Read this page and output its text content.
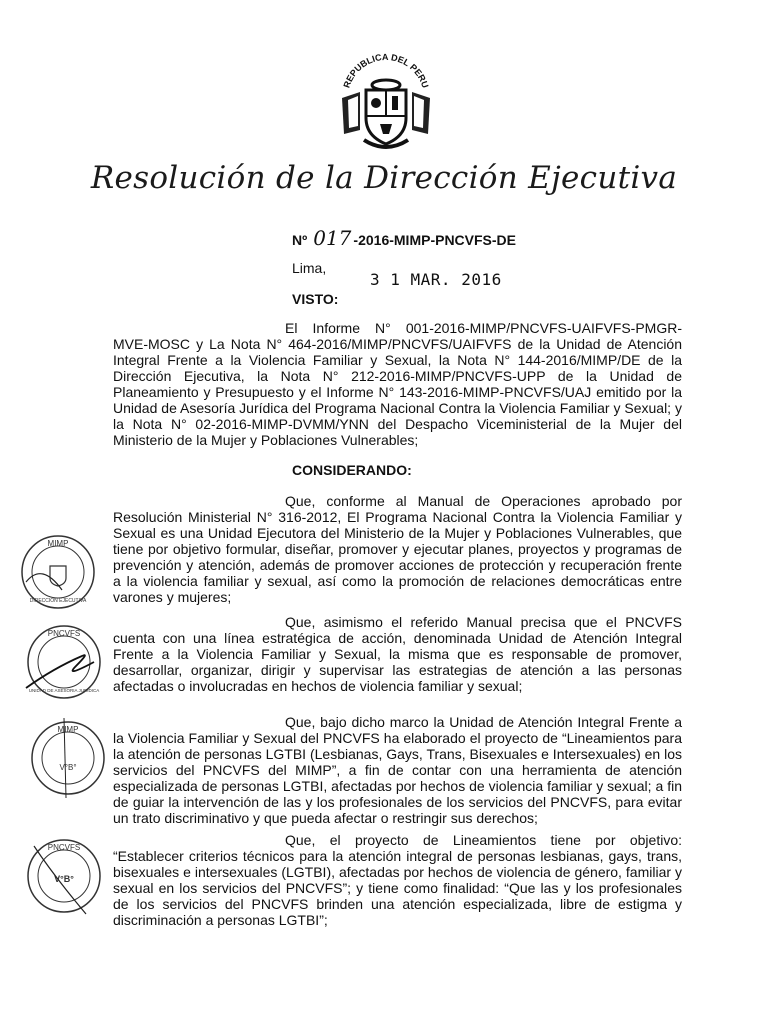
REPUBLICA DEL PERU
Resolución de la Dirección Ejecutiva
Nº 017 -2016-MIMP-PNCVFS-DE
Lima,
3 1 MAR. 2016
VISTO:

El Informe N° 001-2016-MIMP/PNCVFS-UAIFVFS-PMGR-MVE-MOSC y La Nota N° 464-2016/MIMP/PNCVFS/UAIFVFS de la Unidad de Atención Integral Frente a la Violencia Familiar y Sexual, la Nota N° 144-2016/MIMP/DE de la Dirección Ejecutiva, la Nota N° 212-2016-MIMP/PNCVFS-UPP de la Unidad de Planeamiento y Presupuesto y el Informe N° 143-2016-MIMP-PNCVFS/UAJ emitido por la Unidad de Asesoría Jurídica del Programa Nacional Contra la Violencia Familiar y Sexual; y la Nota N° 02-2016-MIMP-DVMM/YNN del Despacho Viceministerial de la Mujer del Ministerio de la Mujer y Poblaciones Vulnerables;

CONSIDERANDO:

Que, conforme al Manual de Operaciones aprobado por Resolución Ministerial N° 316-2012, El Programa Nacional Contra la Violencia Familiar y Sexual es una Unidad Ejecutora del Ministerio de la Mujer y Poblaciones Vulnerables, que tiene por objetivo formular, diseñar, promover y ejecutar planes, proyectos y programas de prevención y atención, además de promover acciones de protección y recuperación frente a la violencia familiar y sexual, así como la promoción de relaciones democráticas entre varones y mujeres;

Que, asimismo el referido Manual precisa que el PNCVFS cuenta con una línea estratégica de acción, denominada Unidad de Atención Integral Frente a la Violencia Familiar y Sexual, la misma que es responsable de promover, desarrollar, organizar, dirigir y supervisar las estrategias de atención a las personas afectadas o involucradas en hechos de violencia familiar y sexual;

Que, bajo dicho marco la Unidad de Atención Integral Frente a la Violencia Familiar y Sexual del PNCVFS ha elaborado el proyecto de “Lineamientos para la atención de personas LGTBI (Lesbianas, Gays, Trans, Bisexuales e Intersexuales) en los servicios del PNCVFS del MIMP”, a fin de contar con una herramienta de atención especializada de personas LGTBI, afectadas por hechos de violencia familiar y sexual; a fin de guiar la intervención de las y los profesionales de los servicios del PNCVFS, para evitar un trato discriminativo y que pueda afectar o restringir sus derechos;

Que, el proyecto de Lineamientos tiene por objetivo: “Establecer criterios técnicos para la atención integral de personas lesbianas, gays, trans, bisexuales e intersexuales (LGTBI), afectadas por hechos de violencia de género, familiar y sexual en los servicios del PNCVFS”; y tiene como finalidad: “Que las y los profesionales de los servicios del PNCVFS brinden una atención especializada, libre de estigma y discriminación a personas LGTBI”;

MIMP
DIRECCION EJECUTIVA
PNCVFS
UNIDAD DE ASESORIA JURIDICA
MIMP
V°B°
PNCVFS
V°B°
